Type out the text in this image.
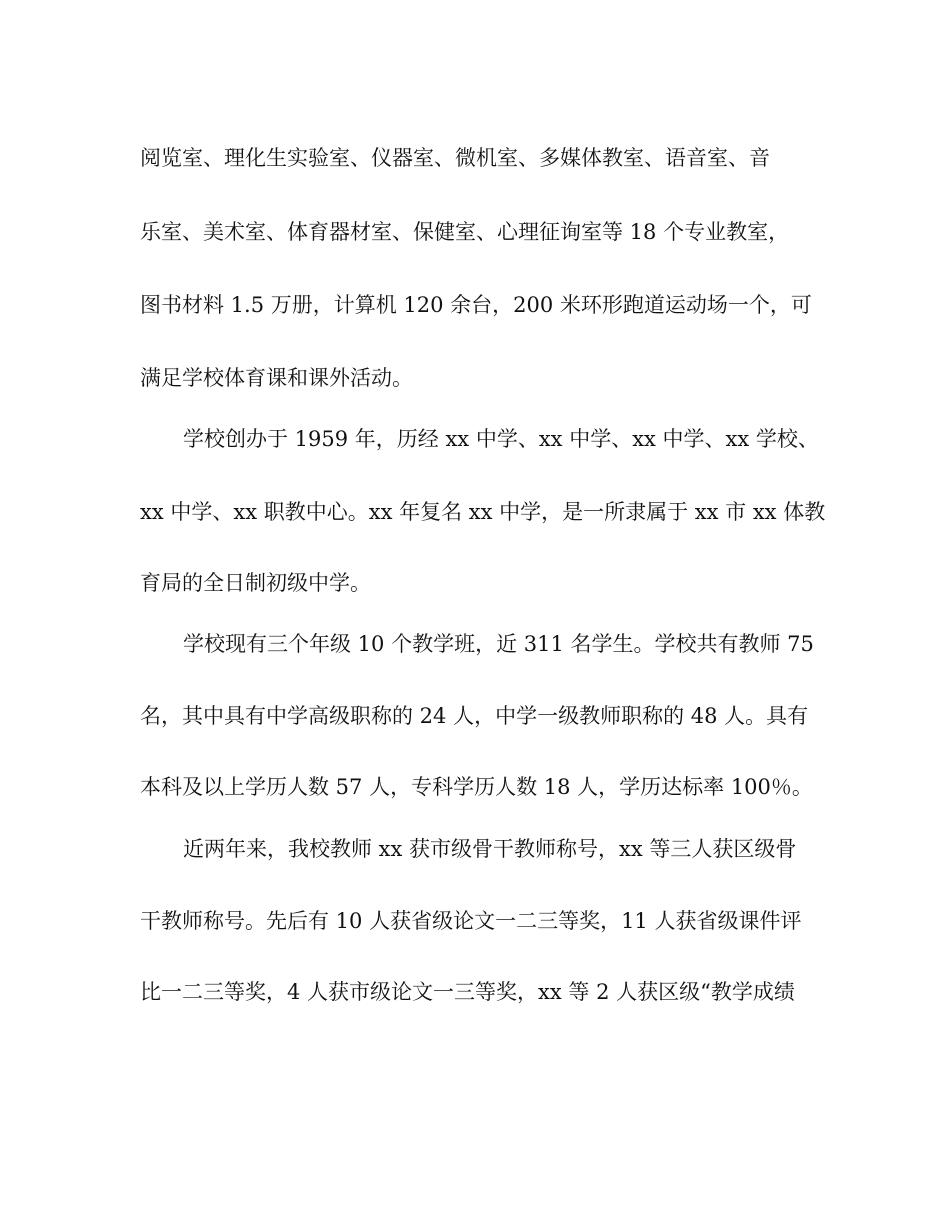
阅览室、理化生实验室、仪器室、微机室、多媒体教室、语音室、音

乐室、美术室、体育器材室、保健室、心理征询室等 18 个专业教室，

图书材料 1.5 万册，计算机 120 余台，200 米环形跑道运动场一个，可

满足学校体育课和课外活动。

学校创办于 1959 年，历经 xx 中学、xx 中学、xx 中学、xx 学校、

xx 中学、xx 职教中心。xx 年复名 xx 中学，是一所隶属于 xx 市 xx 体教

育局的全日制初级中学。

学校现有三个年级 10 个教学班，近 311 名学生。学校共有教师 75

名，其中具有中学高级职称的 24 人，中学一级教师职称的 48 人。具有

本科及以上学历人数 57 人，专科学历人数 18 人，学历达标率 100％。

近两年来，我校教师 xx 获市级骨干教师称号，xx 等三人获区级骨

干教师称号。先后有 10 人获省级论文一二三等奖，11 人获省级课件评

比一二三等奖，4 人获市级论文一三等奖，xx 等 2 人获区级“教学成绩
